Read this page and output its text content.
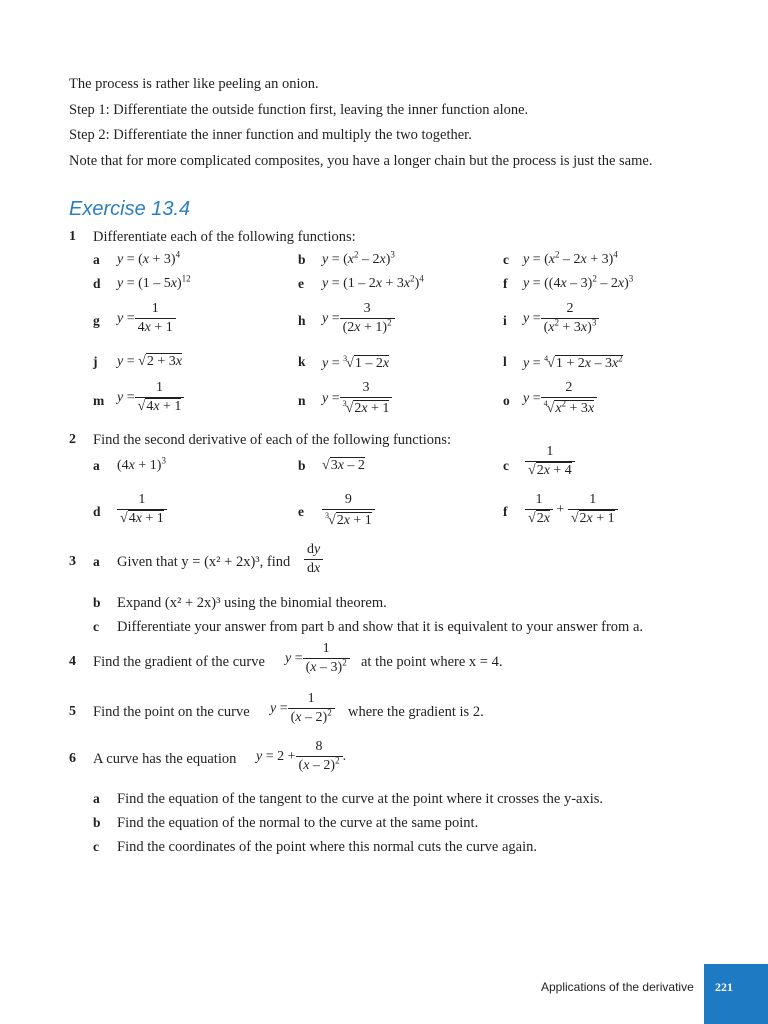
The process is rather like peeling an onion.
Step 1: Differentiate the outside function first, leaving the inner function alone.
Step 2: Differentiate the inner function and multiply the two together.
Note that for more complicated composites, you have a longer chain but the process is just the same.
Exercise 13.4
1 Differentiate each of the following functions:
a $y = (x + 3)^4$	b $y = (x^2 - 2x)^3$	c $y = (x^2 - 2x + 3)^4$
d y = (1 – 5x)$^{12}$	e $y = (1 - 2x + 3x^2)^4$	f y = ((4x – 3)$^2$ – 2x)$^3$
g $y = \frac{1}{4x + 1}$	h $y = \frac{3}{(2x + 1)^2}$	i $y = \frac{2}{(x^2 + 3x)^3}$
j y = √2 + 3x	k y = $^3$√1 – 2x	l $y = ^4√1 + 2x - 3x^2$
m $y = \frac{1}{√4x + 1}$	n $y = \frac{3}{^3√2x + 1}$	o $y = \frac{2}{^4√x^2 + 3x}$
2 Find the second derivative of each of the following functions:
a $(4x + 1)^3$	b √3x – 2	c $\frac{1}{√2x + 4}$
d $\frac{1}{√4x + 1}$	e $\frac{9}{^3√2x + 1}$	f $\frac{1}{√2x} + \frac{1}{√2x + 1}$
3 a Given that y = (x² + 2x)³, find $\frac{dy}{dx}$
b Expand (x² + 2x)³ using the binomial theorem.
c Differentiate your answer from part b and show that it is equivalent to your answer from a.
4 Find the gradient of the curve $y = \frac{1}{(x - 3)^2}$ at the point where x = 4.
5 Find the point on the curve $y = \frac{1}{(x - 2)^2}$ where the gradient is 2.
6 A curve has the equation $y = 2 + \frac{8}{(x - 2)^2}$ .
a Find the equation of the tangent to the curve at the point where it crosses the y-axis.
b Find the equation of the normal to the curve at the same point.
c Find the coordinates of the point where this normal cuts the curve again.
Applications of the derivative 221
